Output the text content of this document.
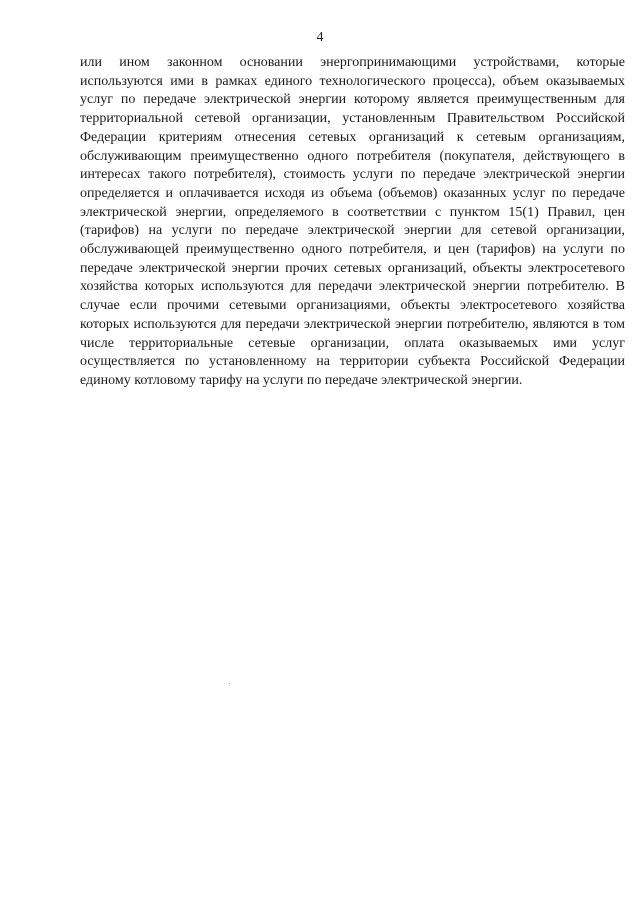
4

или ином законном основании энергопринимающими устройствами, которые используются ими в рамках единого технологического процесса), объем оказываемых услуг по передаче электрической энергии которому является преимущественным для территориальной сетевой организации, установленным Правительством Российской Федерации критериям отнесения сетевых организаций к сетевым организациям, обслуживающим преимущественно одного потребителя (покупателя, действующего в интересах такого потребителя), стоимость услуги по передаче электрической энергии определяется и оплачивается исходя из объема (объемов) оказанных услуг по передаче электрической энергии, определяемого в соответствии с пунктом 15(1) Правил, цен (тарифов) на услуги по передаче электрической энергии для сетевой организации, обслуживающей преимущественно одного потребителя, и цен (тарифов) на услуги по передаче электрической энергии прочих сетевых организаций, объекты электросетевого хозяйства которых используются для передачи электрической энергии потребителю. В случае если прочими сетевыми организациями, объекты электросетевого хозяйства которых используются для передачи электрической энергии потребителю, являются в том числе территориальные сетевые организации, оплата оказываемых ими услуг осуществляется по установленному на территории субъекта Российской Федерации единому котловому тарифу на услуги по передаче электрической энергии.
